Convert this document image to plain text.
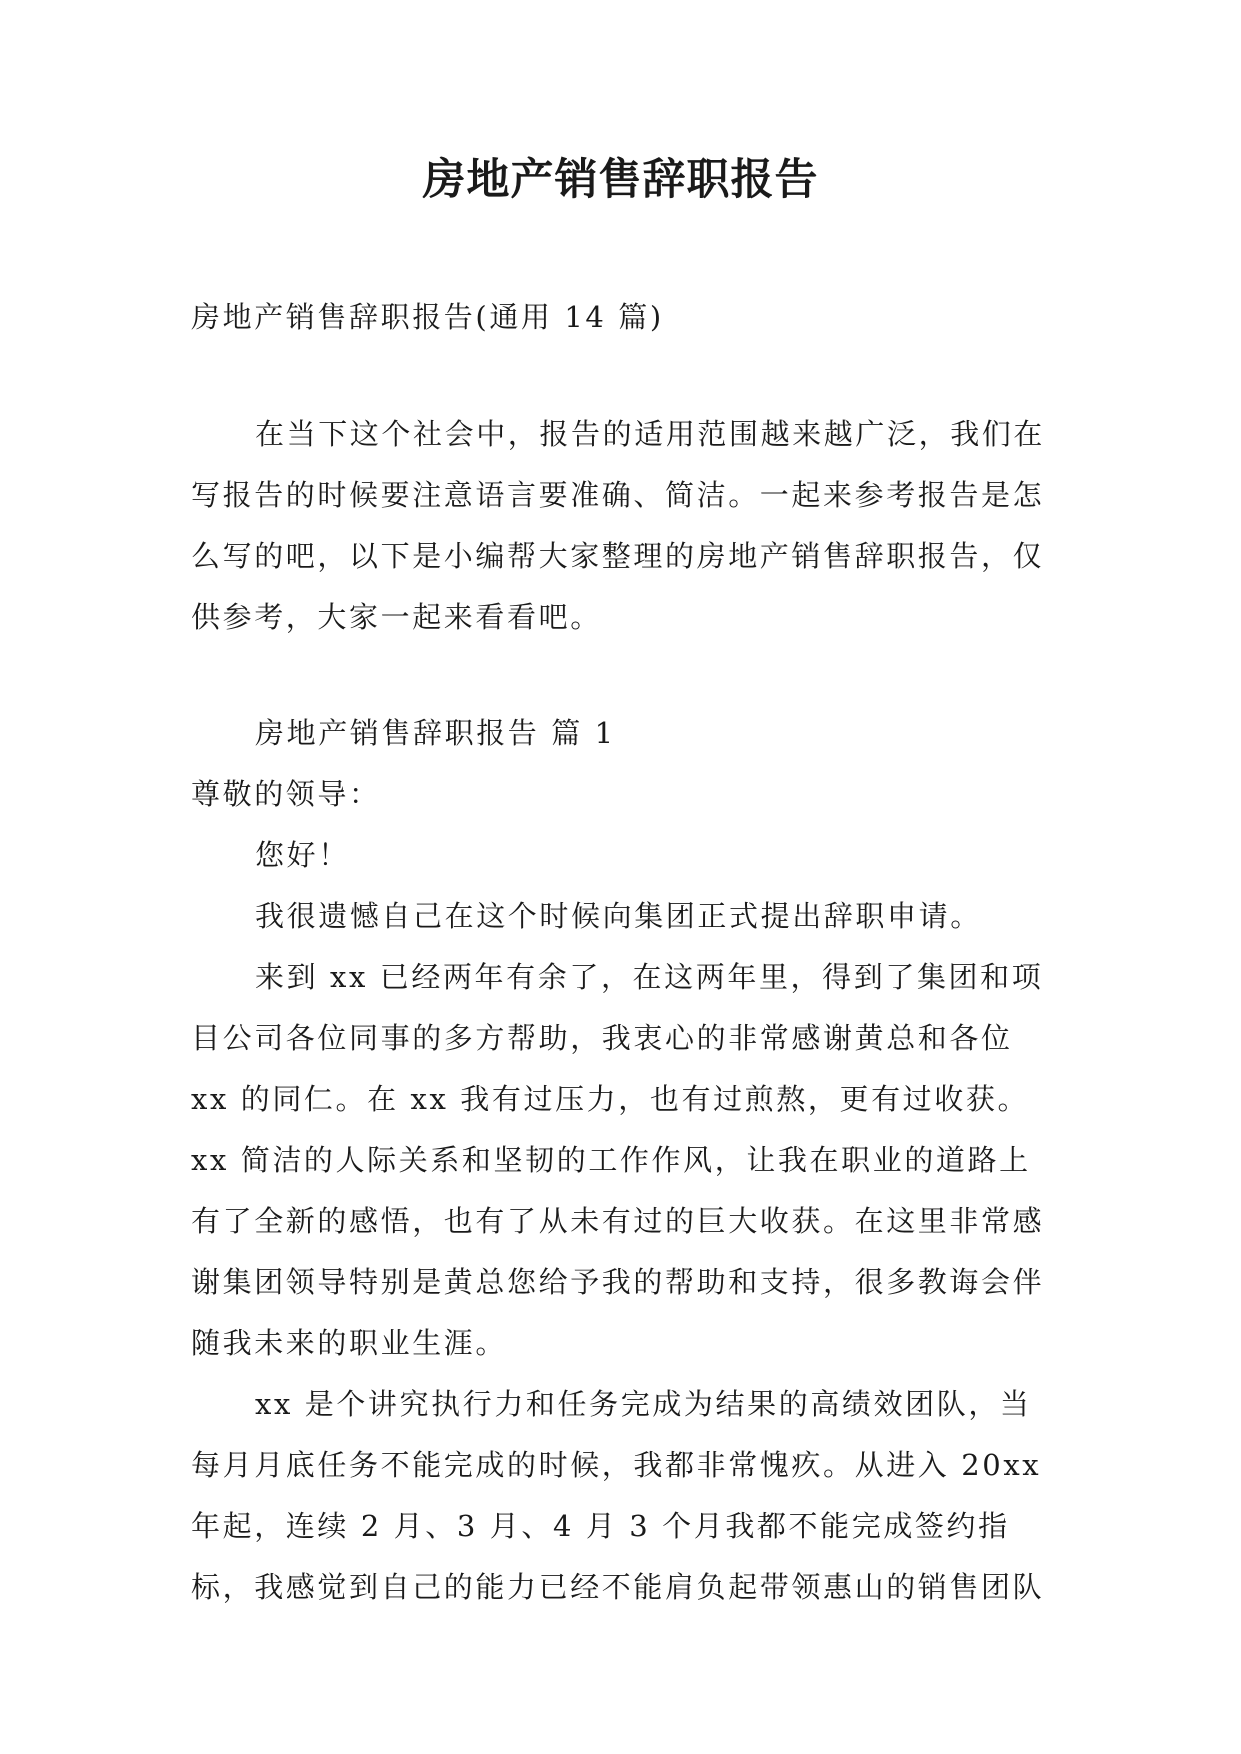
房地产销售辞职报告

房地产销售辞职报告(通用 14 篇)

在当下这个社会中，报告的适用范围越来越广泛，我们在写报告的时候要注意语言要准确、简洁。一起来参考报告是怎么写的吧，以下是小编帮大家整理的房地产销售辞职报告，仅供参考，大家一起来看看吧。

房地产销售辞职报告 篇 1

尊敬的领导：

您好！

我很遗憾自己在这个时候向集团正式提出辞职申请。

来到 xx 已经两年有余了，在这两年里，得到了集团和项目公司各位同事的多方帮助，我衷心的非常感谢黄总和各位 xx 的同仁。在 xx 我有过压力，也有过煎熬，更有过收获。xx 简洁的人际关系和坚韧的工作作风，让我在职业的道路上有了全新的感悟，也有了从未有过的巨大收获。在这里非常感谢集团领导特别是黄总您给予我的帮助和支持，很多教诲会伴随我未来的职业生涯。

xx 是个讲究执行力和任务完成为结果的高绩效团队，当每月月底任务不能完成的时候，我都非常愧疚。从进入 20xx 年起，连续 2 月、3 月、4 月 3 个月我都不能完成签约指标，我感觉到自己的能力已经不能肩负起带领惠山的销售团队
